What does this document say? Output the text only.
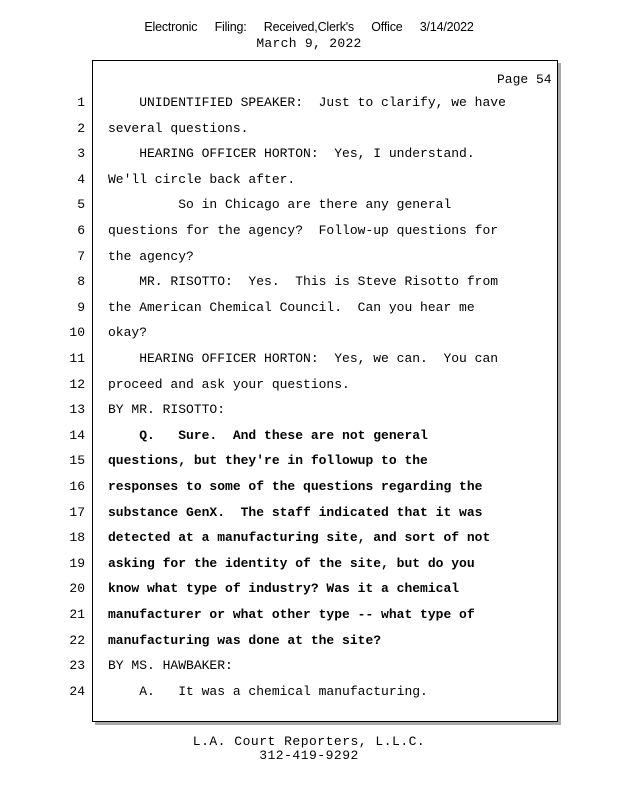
Electronic Filing: Received,Clerk's Office 3/14/2022
March 9, 2022
Page 54
1 UNIDENTIFIED SPEAKER:  Just to clarify, we have
2 several questions.
3 HEARING OFFICER HORTON:  Yes, I understand.
4 We'll circle back after.
5 So in Chicago are there any general
6 questions for the agency?  Follow-up questions for
7 the agency?
8 MR. RISOTTO:  Yes.  This is Steve Risotto from
9 the American Chemical Council.  Can you hear me
10 okay?
11 HEARING OFFICER HORTON:  Yes, we can.  You can
12 proceed and ask your questions.
13 BY MR. RISOTTO:
14 Q.   Sure.  And these are not general
15 questions, but they're in followup to the
16 responses to some of the questions regarding the
17 substance GenX.  The staff indicated that it was
18 detected at a manufacturing site, and sort of not
19 asking for the identity of the site, but do you
20 know what type of industry? Was it a chemical
21 manufacturer or what other type -- what type of
22 manufacturing was done at the site?
23 BY MS. HAWBAKER:
24 A.   It was a chemical manufacturing.
L.A. Court Reporters, L.L.C.
312-419-9292
